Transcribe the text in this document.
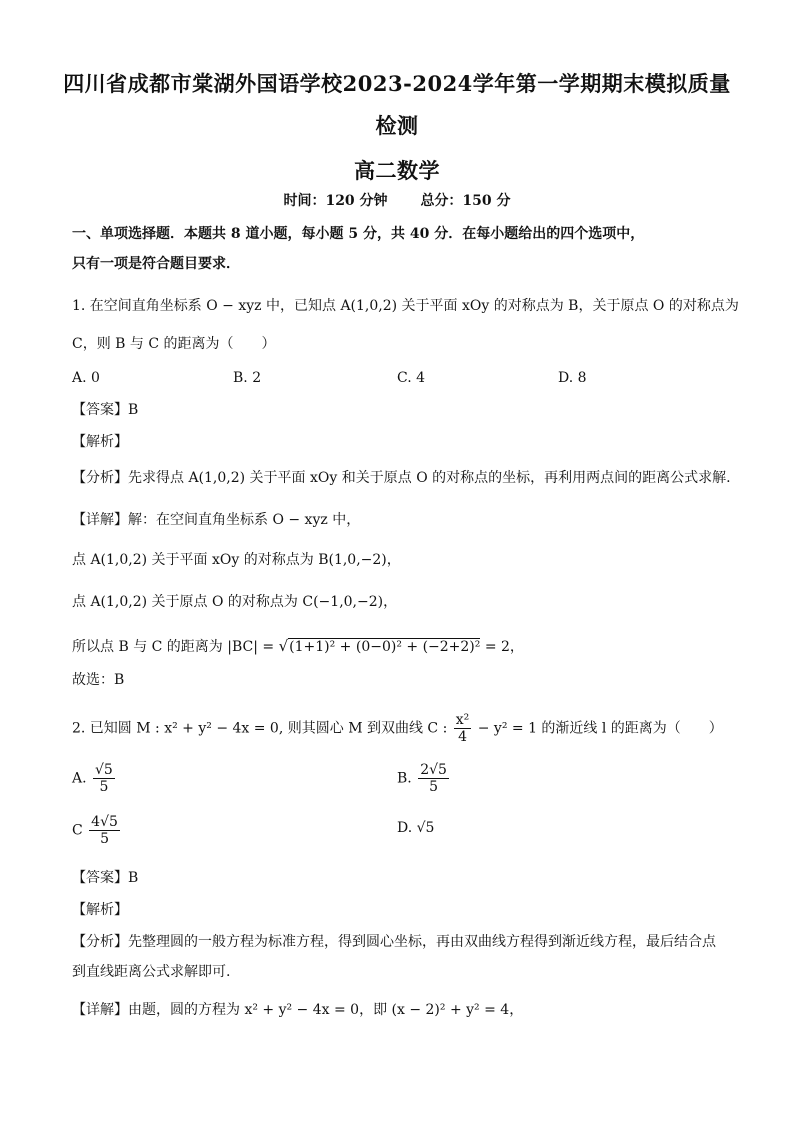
四川省成都市棠湖外国语学校2023-2024学年第一学期期末模拟质量
检测
高二数学
时间：120 分钟 总分：150 分
一、单项选择题．本题共 8 道小题，每小题 5 分，共 40 分．在每小题给出的四个选项中，
只有一项是符合题目要求．
1. 在空间直角坐标系 O − xyz 中，已知点 A(1,0,2) 关于平面 xOy 的对称点为 B，关于原点 O 的对称点为
C，则 B 与 C 的距离为（　　）
A. 0	B. 2	C. 4	D. 8
【答案】B
【解析】
【分析】先求得点 A(1,0,2) 关于平面 xOy 和关于原点 O 的对称点的坐标，再利用两点间的距离公式求解.
【详解】解：在空间直角坐标系 O − xyz 中，
点 A(1,0,2) 关于平面 xOy 的对称点为 B(1,0,−2)，
点 A(1,0,2) 关于原点 O 的对称点为 C(−1,0,−2)，
所以点 B 与 C 的距离为 |BC| = √(1+1)² + (0−0)² + (−2+2)² = 2，
故选：B
2. 已知圆 M : x² + y² − 4x = 0, 则其圆心 M 到双曲线 C : $\frac{\text{x²}}{4} - y^2 = 1$ 的渐近线 l 的距离为（　　）
A. $\frac{√5}{5}$	B. $\frac{2√5}{5}$
C $\frac{4√5}{5}$	D. √5
【答案】B
【解析】
【分析】先整理圆的一般方程为标准方程，得到圆心坐标，再由双曲线方程得到渐近线方程，最后结合点
到直线距离公式求解即可.
【详解】由题，圆的方程为 x² + y² − 4x = 0，即 (x − 2)² + y² = 4，
